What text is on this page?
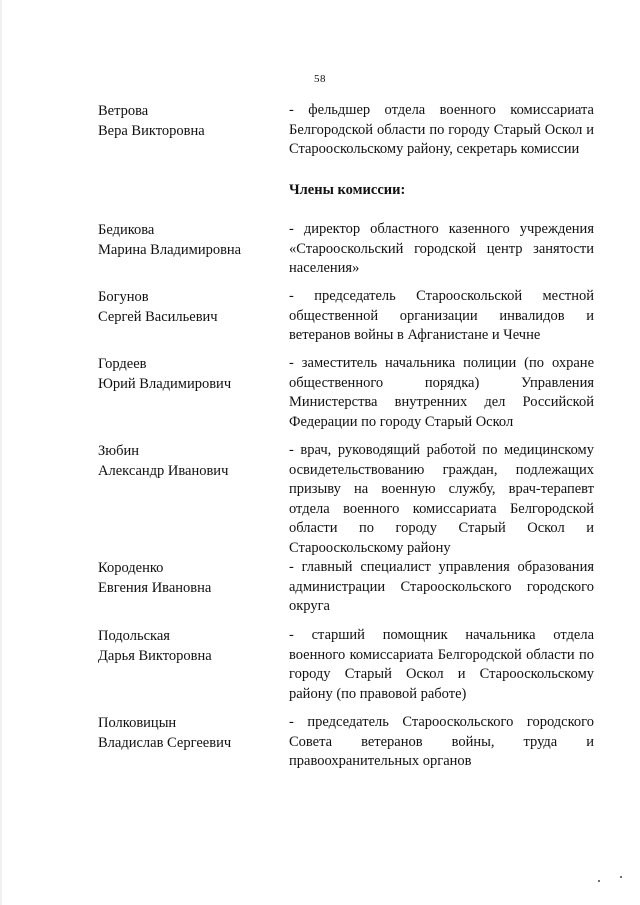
58
Ветрова
Вера Викторовна
- фельдшер отдела военного комиссариата Белгородской области по городу Старый Оскол и Старооскольскому району, секретарь комиссии
Члены комиссии:
Бедикова
Марина Владимировна
- директор областного казенного учреждения «Старооскольский городской центр занятости населения»
Богунов
Сергей Васильевич
- председатель Старооскольской местной общественной организации инвалидов и ветеранов войны в Афганистане и Чечне
Гордеев
Юрий Владимирович
- заместитель начальника полиции (по охране общественного порядка) Управления Министерства внутренних дел Российской Федерации по городу Старый Оскол
Зюбин
Александр Иванович
- врач, руководящий работой по медицинскому освидетельствованию граждан, подлежащих призыву на военную службу, врач-терапевт отдела военного комиссариата Белгородской области по городу Старый Оскол и Старооскольскому району
Короденко
Евгения Ивановна
- главный специалист управления образования администрации Старооскольского городского округа
Подольская
Дарья Викторовна
- старший помощник начальника отдела военного комиссариата Белгородской области по городу Старый Оскол и Старооскольскому району (по правовой работе)
Полковицын
Владислав Сергеевич
- председатель Старооскольского городского Совета ветеранов войны, труда и правоохранительных органов
